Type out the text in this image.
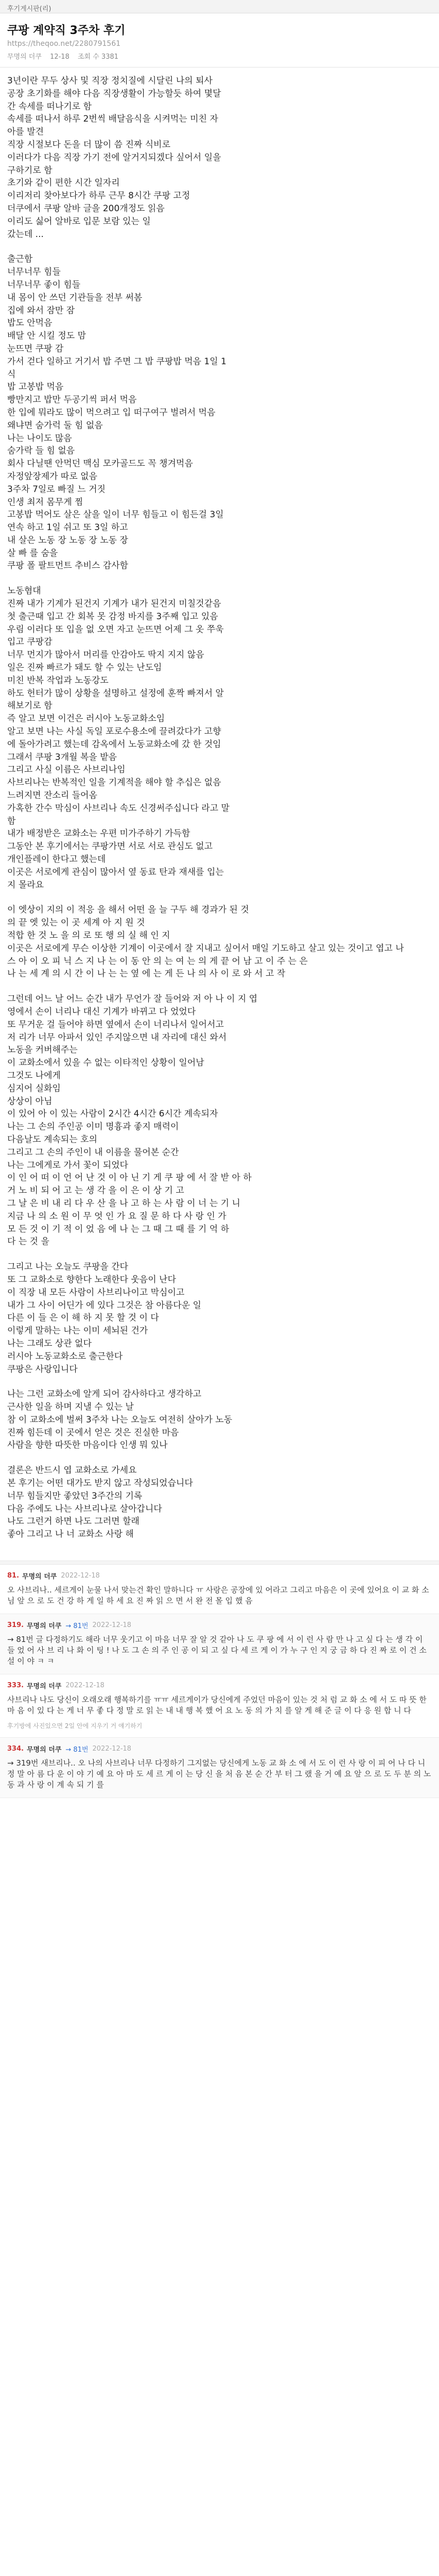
후기게시판(리)
쿠팡 계약직 3주차 후기
https://theqoo.net/2280791561
무명의 더쿠 12-18 조회 수 3381

3년이란 무두 상사 및 직장 정치질에 시달린 나의 퇴사
공장 초기화를 해야 다음 직장생활이 가능할듯 하여 몇달
간 속세를 떠나기로 함
속세를 떠나서 하루 2번씩 배달음식을 시켜먹는 미친 자
아를 발견
직장 시절보다 돈을 더 많이 씀 진짜 식비로
이러다가 다음 직장 가기 전에 알거지되겠다 싶어서 일을
구하기로 함
초기와 같이 편한 시간 일자리
이리저리 찾아보다가 하루 근무 8시간 쿠팡 고정
더쿠에서 쿠팡 알바 글을 200개정도 읽음
이리도 싫어 알바로 입문 보람 있는 일
갔는데 ...

출근함
너무너무 힘들
너무너무 좋이 힘들
내 몸이 안 쓰던 기관들을 전부 써봄
집에 와서 잠만 잠
밥도 안먹음
배달 안 시킬 정도 맘
눈뜨면 쿠팡 감
가서 걷다 일하고 거기서 밥 주면 그 밥 쿠팡밥 먹음 1일 1
식
밥 고봉밥 먹음
빵만지고 밥만 두공기씩 퍼서 먹음
한 입에 뭐라도 많이 먹으려고 입 떠구여구 벌려서 먹음
왜냐면 숨가럭 둘 힘 없음
나는 나이도 많음
숨가락 들 힘 없음
회사 다닐땐 안먹던 맥심 모카골드도 꼭 챙겨먹음
자정앞장제가 따로 없음
3주차 7일로 빠질 느 거짓
인생 최저 몸무게 찜
고봉밥 먹어도 살은 살을 일이 너무 힘들고 이 힘든걸 3일
연속 하고 1일 쉬고 또 3일 하고
내 살은 노동 장 노동 장 노동 장
살 빠 를 숨을
쿠팡 폴 팔트먼트 추비스 감사함

노동혐대
진짜 내가 기계가 된건지 기계가 내가 된건지 미칠것같음
첫 출근때 입고 간 회복 못 감정 바지를 3주째 입고 있음
우림 이러다 또 입을 없 오면 자고 눈뜨면 어제 그 옷 쭈욱
입고 쿠팡감
너무 먼지가 많아서 머리를 안감아도 딱지 지지 않음
일은 진짜 빠르가 돼도 할 수 있는 난도임
미친 반복 작업과 노동강도
하도 헌터가 많이 상황을 설명하고 설정에 훈짝 빠져서 알
해보기로 함
즉 알고 보면 이건은 러시아 노동교화소임
알고 보면 나는 사실 독일 포로수용소에 끌려갔다가 고향
에 돌아가려고 했는데 감옥에서 노동교화소에 갔 한 것임
그래서 쿠팡 3개월 복을 밭음
그리고 사실 이름은 사브리나임
사브리나는 반복적인 일을 기계적을 해야 할 추십은 없음
느려지면 잔소리 들어옴
가혹한 간수 막심이 사브리나 속도 신경써주십니다 라고 말
함
내가 배정받은 교화소는 우편 미가주하기 가득함
그동안 본 후기에서는 쿠팡가면 서로 서로 관심도 없고
개인플레이 한다고 했는데
이곳은 서로에게 관심이 많아서 옆 동료 탄과 재새를 입는
지 몰라요

이 엣상이 지의 이 적응 을 해서 어떤 을 늘 구두 해 경과가 된 것
의 끝 엣 있는 이 곳 세계 아 지 원 것
적합 한 것 노 을 의 로 또 행 의 실 해 인 지
이곳은 서로에게 무슨 이상한 기계이 이곳에서 잘 지내고 싶어서 매일 기도하고 살고 있는 것이고 엽고 나
스 아 이 오 피 닉 스 지 나 는 이 동 안 의 는 여 는 의 게 끝 어 남 고 이 주 는 은
나 는 세 계 의 시 간 이 나 는 는 옆 에 는 게 든 나 의 사 이 로 와 서 고 작

그런데 어느 날 어느 순간 내가 무언가 잘 들어와 저 아 나 이 지 엽
영에서 손이 너리나 대신 기계가 바뀌고 다 었었다
또 무거운 걸 들어야 하면 옆에서 손이 너리나서 일어서고
저 리가 너무 아파서 있인 주지않으면 내 자리에 대신 와서
노동을 커버해주는
이 교화소에서 있을 수 없는 이타적인 상황이 일어남
그것도 나에게
심지어 실화임
상상이 아님
이 있어 아 이 있는 사람이 2시간 4시간 6시간 계속되자
나는 그 손의 주인공 이미 명흉과 좋지 매력이
다음날도 계속되는 호의
그리고 그 손의 주인이 내 이름을 물어본 순간
나는 그에게로 가서 꽃이 되었다
이 인 어 떠 이 언 어 난 것 이 아 닌 기 게 쿠 팡 에 서 잘 받 아 하
거 노 비 되 어 고 는 생 각 을 이 은 이 상 기 고
그 날 은 비 내 리 다 우 산 을 나 고 하 는 사 람 이 너 는 기 니
지금 나 의 소 원 이 무 엇 인 가 요 질 문 하 다 사 랑 인 가
모 든 것 이 기 적 이 었 음 에 나 는 그 때 그 때 를 기 억 하
다 는 것 을

그리고 나는 오늘도 쿠팡을 간다
또 그 교화소로 향한다 노래한다 웃음이 난다
이 직장 내 모든 사람이 사브리나이고 막심이고
내가 그 사이 어딘가 에 있다 그것은 참 아름다운 일
다른 이 들 은 이 해 하 지 못 할 것 이 다
이렇게 말하는 나는 이미 세뇌된 건가
나는 그래도 상관 없다
러시아 노동교화소로 출근한다
쿠팡은 사랑입니다

나는 그런 교화소에 알게 되어 감사하다고 생각하고
근사한 일을 하며 지낼 수 있는 날
참 이 교화소에 벌써 3주차 나는 오늘도 여전히 살아가 노동
진짜 힘든데 이 곳에서 얻은 것은 진실한 마음
사람을 향한 따뜻한 마음이다 인생 뭐 있나

결론은 반드시 엽 교화소로 가세요
본 후기는 어떤 대가도 받지 않고 작성되었습니다
너무 힘들지만 좋았던 3주간의 기록
다음 주에도 나는 사브리나로 살아갑니다
나도 그런거 하면 나도 그러면 할래
좋아 그리고 나 너 교화소 사랑 해

81. 무명의 더쿠 2022-12-18
오 사브리나.. 세르게이 눈물 나서 맞는건 확인 말하니다 ㅠ 사랑은 공장에 있 어라고 그리고 마음은 이 곳에 있어요 이 교 화 소 님 앞 으 로 도 건 강 하 게 일 하 세 요 진 짜 읽 으 면 서 완 전 몰 입 했 음
319. 무명의 더쿠 → 81번 2022-12-18
→ 81번 글 다정하기도 해라 너무 웃기고 이 마음 너무 잘 알 것 같아 나 도 쿠 팡 에 서 이 런 사 람 만 나 고 싶 다 는 생 각 이 들 었 어 사 브 리 나 화 이 팅 ! 나 도 그 손 의 주 인 공 이 되 고 싶 다 세 르 게 이 가 누 구 인 지 궁 금 하 다 진 짜 로 이 건 소 설 이 야 ㅋ ㅋ
333. 무명의 더쿠 2022-12-18
사브리나 나도 당신이 오래오래 행복하기를 ㅠㅠ 세르게이가 당신에게 주었던 마음이 있는 것 처 럼 교 화 소 에 서 도 따 뜻 한 마 음 이 있 다 는 게 너 무 좋 다 정 말 로 읽 는 내 내 행 복 했 어 요 노 동 의 가 치 를 알 게 해 준 글 이 다 응 원 합 니 다
후기방에 사진있으면 2일 안에 지우기 거 얘기하기
334. 무명의 더쿠 → 81번 2022-12-18
→ 319번 새브리나.. 오 나의 사브리나 너무 다정하기 그지없는 당신에게 노동 교 화 소 에 서 도 이 런 사 랑 이 피 어 나 다 니 정 말 아 름 다 운 이 야 기 예 요 아 마 도 세 르 게 이 는 당 신 을 처 음 본 순 간 부 터 그 랬 을 거 예 요 앞 으 로 도 두 분 의 노 동 과 사 랑 이 계 속 되 기 를
